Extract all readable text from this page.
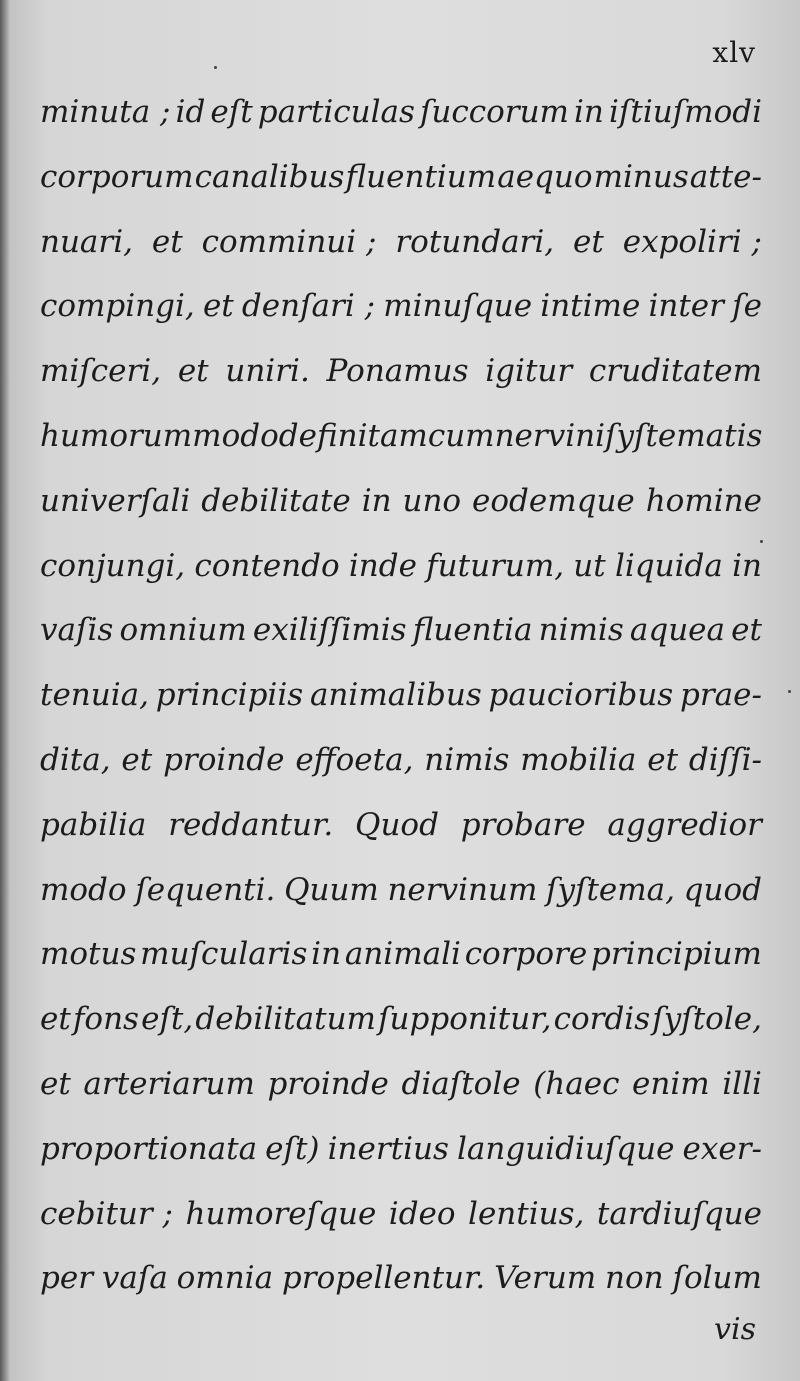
xlv
minuta ; id eſt particulas ſuccorum in iſtiuſmodi
corporum canalibus fluentium aequo minus atte-
nuari, et comminui ; rotundari, et expoliri ;
compingi, et denſari ; minuſque intime inter ſe
miſceri, et uniri. Ponamus igitur cruditatem
humorum modo definitam cum nervini ſyſtematis
univerſali debilitate in uno eodemque homine
conjungi, contendo inde futurum, ut liquida in
vaſis omnium exiliſſimis fluentia nimis aquea et
tenuia, principiis animalibus paucioribus prae-
dita, et proinde effoeta, nimis mobilia et diſſi-
pabilia reddantur. Quod probare aggredior
modo ſequenti. Quum nervinum ſyſtema, quod
motus muſcularis in animali corpore principium
et fons eſt, debilitatum ſupponitur, cordis ſyſtole,
et arteriarum proinde diaſtole (haec enim illi
proportionata eſt) inertius languidiuſque exer-
cebitur ; humoreſque ideo lentius, tardiuſque
per vaſa omnia propellentur. Verum non ſolum
vis
